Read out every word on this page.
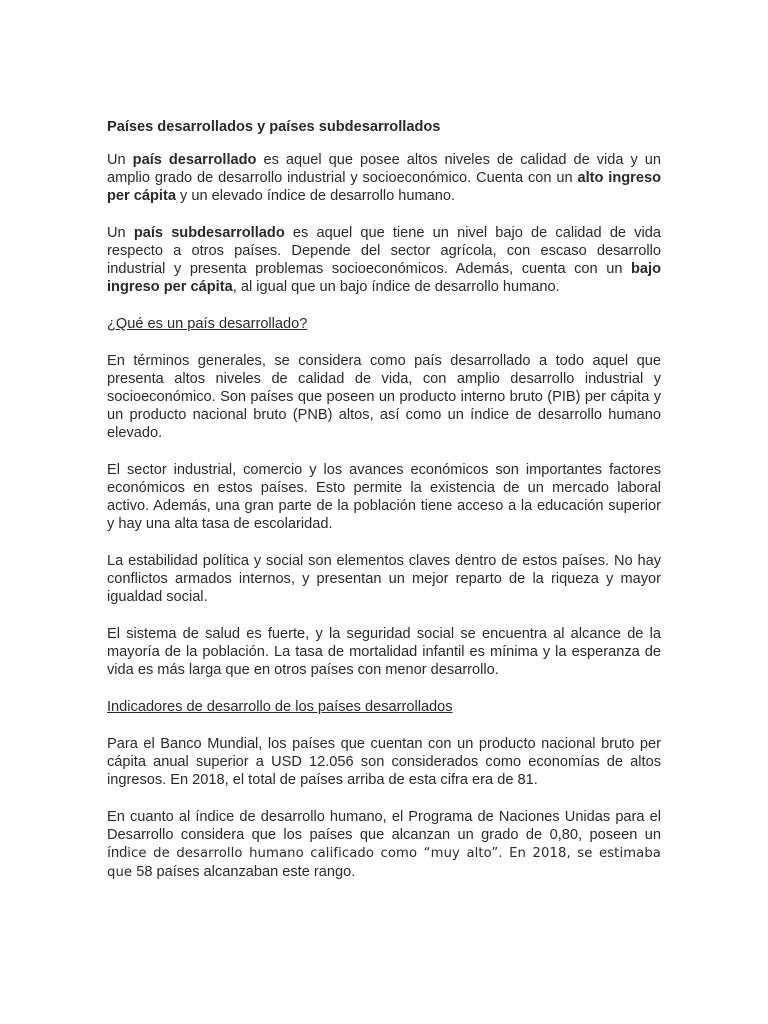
Países desarrollados y países subdesarrollados

Un país desarrollado es aquel que posee altos niveles de calidad de vida y un amplio grado de desarrollo industrial y socioeconómico. Cuenta con un alto ingreso per cápita y un elevado índice de desarrollo humano.

Un país subdesarrollado es aquel que tiene un nivel bajo de calidad de vida respecto a otros países. Depende del sector agrícola, con escaso desarrollo industrial y presenta problemas socioeconómicos. Además, cuenta con un bajo ingreso per cápita, al igual que un bajo índice de desarrollo humano.

¿Qué es un país desarrollado?

En términos generales, se considera como país desarrollado a todo aquel que presenta altos niveles de calidad de vida, con amplio desarrollo industrial y socioeconómico. Son países que poseen un producto interno bruto (PIB) per cápita y un producto nacional bruto (PNB) altos, así como un índice de desarrollo humano elevado.

El sector industrial, comercio y los avances económicos son importantes factores económicos en estos países. Esto permite la existencia de un mercado laboral activo. Además, una gran parte de la población tiene acceso a la educación superior y hay una alta tasa de escolaridad.

La estabilidad política y social son elementos claves dentro de estos países. No hay conflictos armados internos, y presentan un mejor reparto de la riqueza y mayor igualdad social.

El sistema de salud es fuerte, y la seguridad social se encuentra al alcance de la mayoría de la población. La tasa de mortalidad infantil es mínima y la esperanza de vida es más larga que en otros países con menor desarrollo.

Indicadores de desarrollo de los países desarrollados

Para el Banco Mundial, los países que cuentan con un producto nacional bruto per cápita anual superior a USD 12.056 son considerados como economías de altos ingresos. En 2018, el total de países arriba de esta cifra era de 81.

En cuanto al índice de desarrollo humano, el Programa de Naciones Unidas para el Desarrollo considera que los países que alcanzan un grado de 0,80, poseen un índice de desarrollo humano calificado como “muy alto”. En 2018, se estimaba que 58 países alcanzaban este rango.
